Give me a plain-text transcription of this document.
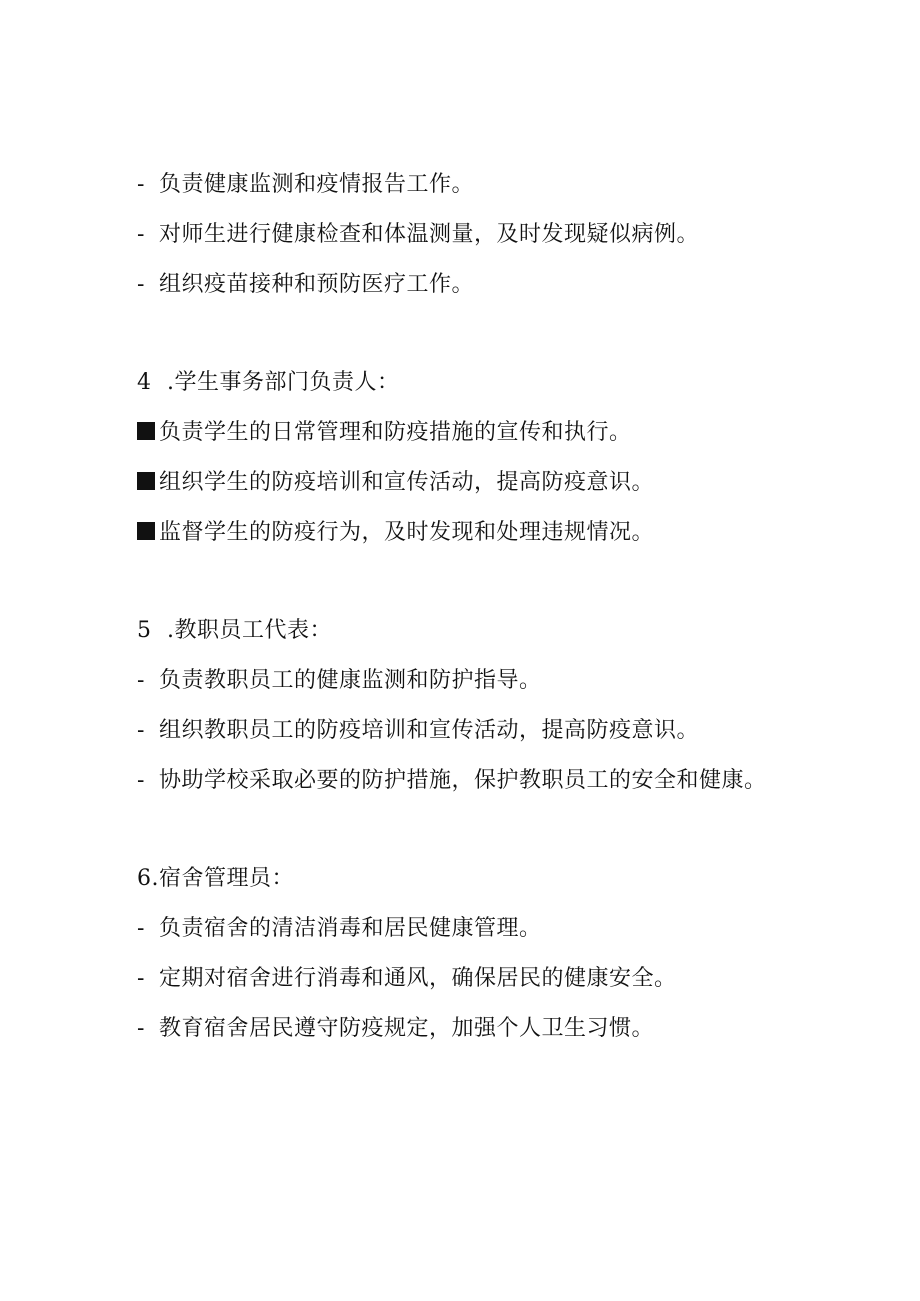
- 负责健康监测和疫情报告工作。
- 对师生进行健康检查和体温测量，及时发现疑似病例。
- 组织疫苗接种和预防医疗工作。
4 .学生事务部门负责人：
负责学生的日常管理和防疫措施的宣传和执行。
组织学生的防疫培训和宣传活动，提高防疫意识。
监督学生的防疫行为，及时发现和处理违规情况。
5 .教职员工代表：
- 负责教职员工的健康监测和防护指导。
- 组织教职员工的防疫培训和宣传活动，提高防疫意识。
- 协助学校采取必要的防护措施，保护教职员工的安全和健康。
6.宿舍管理员：
- 负责宿舍的清洁消毒和居民健康管理。
- 定期对宿舍进行消毒和通风，确保居民的健康安全。
- 教育宿舍居民遵守防疫规定，加强个人卫生习惯。
